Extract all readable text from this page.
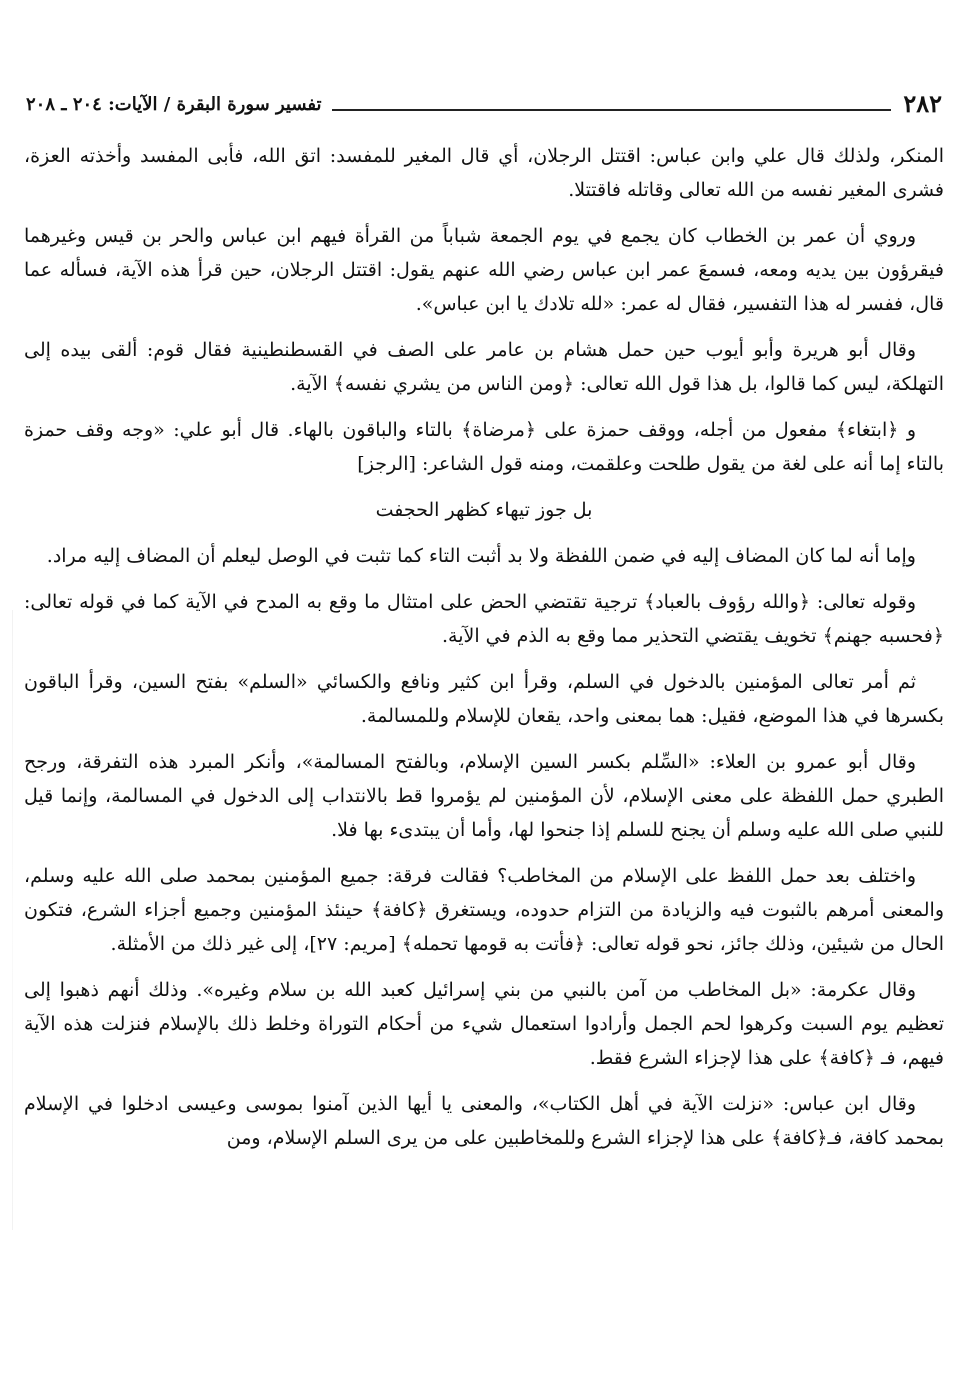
٢٨٢
تفسير سورة البقرة / الآيات: ٢٠٤ ـ ٢٠٨

المنكر، ولذلك قال علي وابن عباس: اقتتل الرجلان، أي قال المغير للمفسد: اتق الله، فأبى المفسد وأخذته العزة، فشرى المغير نفسه من الله تعالى وقاتله فاقتتلا.

وروي أن عمر بن الخطاب كان يجمع في يوم الجمعة شباباً من القرأة فيهم ابن عباس والحر بن قيس وغيرهما فيقرؤون بين يديه ومعه، فسمعَ عمر ابن عباس رضي الله عنهم يقول: اقتتل الرجلان، حين قرأ هذه الآية، فسأله عما قال، ففسر له هذا التفسير، فقال له عمر: «لله تلادك يا ابن عباس».

وقال أبو هريرة وأبو أيوب حين حمل هشام بن عامر على الصف في القسطنطينية فقال قوم: ألقى بيده إلى التهلكة، ليس كما قالوا، بل هذا قول الله تعالى: ﴿ومن الناس من يشري نفسه﴾ الآية.

و ﴿ابتغاء﴾ مفعول من أجله، ووقف حمزة على ﴿مرضاة﴾ بالتاء والباقون بالهاء. قال أبو علي: «وجه وقف حمزة بالتاء إما أنه على لغة من يقول طلحت وعلقمت، ومنه قول الشاعر: [الرجز]

بل جوز تيهاء كظهر الحجفت

وإما أنه لما كان المضاف إليه في ضمن اللفظة ولا بد أثبت التاء كما تثبت في الوصل ليعلم أن المضاف إليه مراد.

وقوله تعالى: ﴿والله رؤوف بالعباد﴾ ترجية تقتضي الحض على امتثال ما وقع به المدح في الآية كما في قوله تعالى: ﴿فحسبه جهنم﴾ تخويف يقتضي التحذير مما وقع به الذم في الآية.

ثم أمر تعالى المؤمنين بالدخول في السلم، وقرأ ابن كثير ونافع والكسائي «السلم» بفتح السين، وقرأ الباقون بكسرها في هذا الموضع، فقيل: هما بمعنى واحد، يقعان للإسلام وللمسالمة.

وقال أبو عمرو بن العلاء: «السِّلم بكسر السين الإسلام، وبالفتح المسالمة»، وأنكر المبرد هذه التفرقة، ورجح الطبري حمل اللفظة على معنى الإسلام، لأن المؤمنين لم يؤمروا قط بالانتداب إلى الدخول في المسالمة، وإنما قيل للنبي صلى الله عليه وسلم أن يجنح للسلم إذا جنحوا لها، وأما أن يبتدىء بها فلا.

واختلف بعد حمل اللفظ على الإسلام من المخاطب؟ فقالت فرقة: جميع المؤمنين بمحمد صلى الله عليه وسلم، والمعنى أمرهم بالثبوت فيه والزيادة من التزام حدوده، ويستغرق ﴿كافة﴾ حينئذ المؤمنين وجميع أجزاء الشرع، فتكون الحال من شيئين، وذلك جائز، نحو قوله تعالى: ﴿فأتت به قومها تحمله﴾ [مريم: ٢٧]، إلى غير ذلك من الأمثلة.

وقال عكرمة: «بل المخاطب من آمن بالنبي من بني إسرائيل كعبد الله بن سلام وغيره». وذلك أنهم ذهبوا إلى تعظيم يوم السبت وكرهوا لحم الجمل وأرادوا استعمال شيء من أحكام التوراة وخلط ذلك بالإسلام فنزلت هذه الآية فيهم، فـ ﴿كافة﴾ على هذا لإجزاء الشرع فقط.

وقال ابن عباس: «نزلت الآية في أهل الكتاب»، والمعنى يا أيها الذين آمنوا بموسى وعيسى ادخلوا في الإسلام بمحمد كافة، فـ﴿كافة﴾ على هذا لإجزاء الشرع وللمخاطبين على من يرى السلم الإسلام، ومن
